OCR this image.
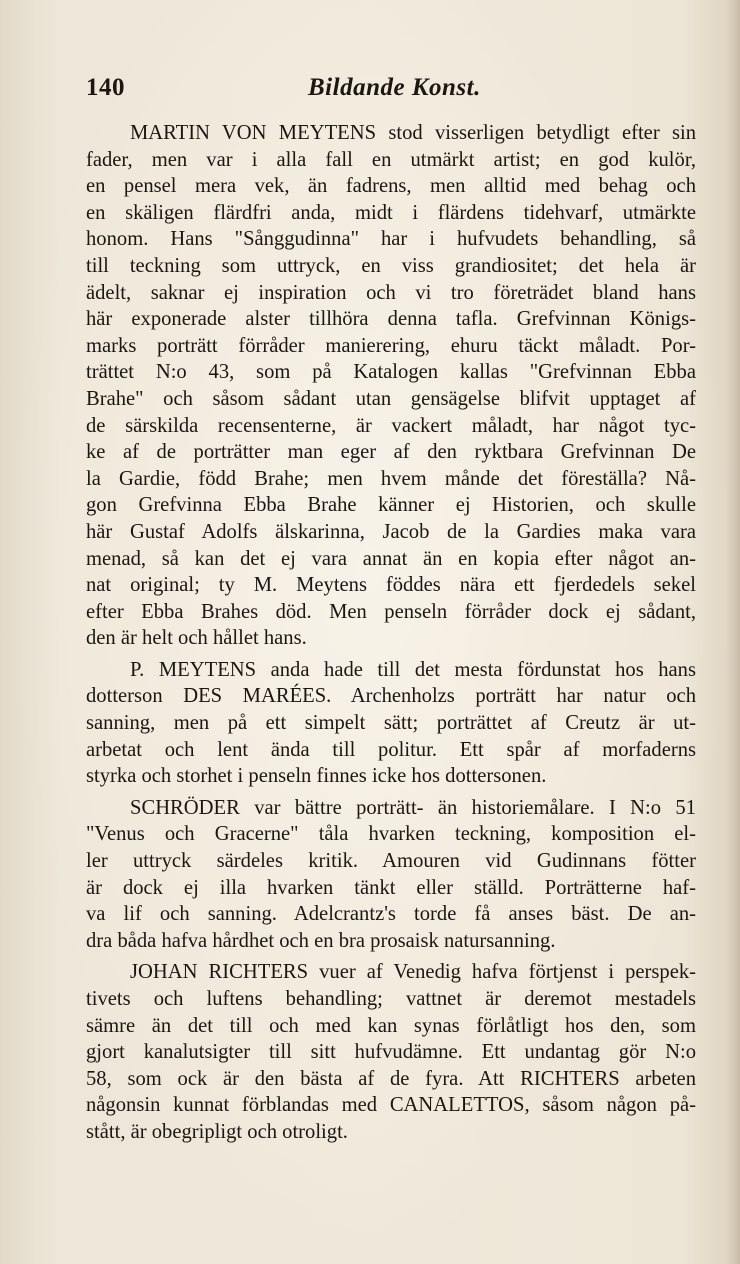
140	Bildande Konst.
MARTIN VON MEYTENS stod visserligen betydligt efter sin
fader, men var i alla fall en utmärkt artist; en god kulör,
en pensel mera vek, än fadrens, men alltid med behag och
en skäligen flärdfri anda, midt i flärdens tidehvarf, utmärkte
honom. Hans "Sånggudinna" har i hufvudets behandling, så
till teckning som uttryck, en viss grandiositet; det hela är
ädelt, saknar ej inspiration och vi tro företrädet bland hans
här exponerade alster tillhöra denna tafla. Grefvinnan Königs-
marks porträtt förråder manierering, ehuru täckt måladt. Por-
trättet N:o 43, som på Katalogen kallas "Grefvinnan Ebba
Brahe" och såsom sådant utan gensägelse blifvit upptaget af
de särskilda recensenterne, är vackert måladt, har något tyc-
ke af de porträtter man eger af den ryktbara Grefvinnan De
la Gardie, född Brahe; men hvem månde det föreställa? Nå-
gon Grefvinna Ebba Brahe känner ej Historien, och skulle
här Gustaf Adolfs älskarinna, Jacob de la Gardies maka vara
menad, så kan det ej vara annat än en kopia efter något an-
nat original; ty M. Meytens föddes nära ett fjerdedels sekel
efter Ebba Brahes död. Men penseln förråder dock ej sådant,
den är helt och hållet hans.
P. MEYTENS anda hade till det mesta fördunstat hos hans
dotterson DES MARÉES. Archenholzs porträtt har natur och
sanning, men på ett simpelt sätt; porträttet af Creutz är ut-
arbetat och lent ända till politur. Ett spår af morfaderns
styrka och storhet i penseln finnes icke hos dottersonen.
SCHRÖDER var bättre porträtt- än historiemålare. I N:o 51
"Venus och Gracerne" tåla hvarken teckning, komposition el-
ler uttryck särdeles kritik. Amouren vid Gudinnans fötter
är dock ej illa hvarken tänkt eller ställd. Porträtterne haf-
va lif och sanning. Adelcrantz's torde få anses bäst. De an-
dra båda hafva hårdhet och en bra prosaisk natursanning.
JOHAN RICHTERS vuer af Venedig hafva förtjenst i perspek-
tivets och luftens behandling; vattnet är deremot mestadels
sämre än det till och med kan synas förlåtligt hos den, som
gjort kanalutsigter till sitt hufvudämne. Ett undantag gör N:o
58, som ock är den bästa af de fyra. Att RICHTERS arbeten
någonsin kunnat förblandas med CANALETTOS, såsom någon på-
stått, är obegripligt och otroligt.
